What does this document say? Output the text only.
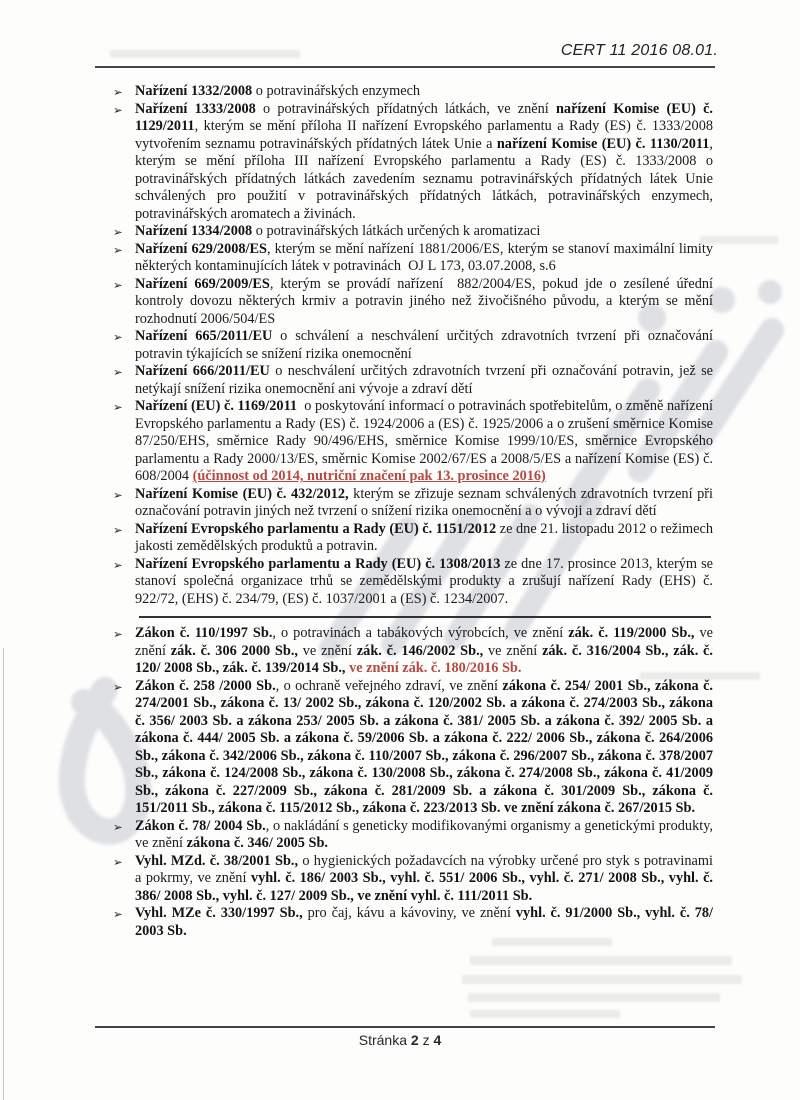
CERT 11 2016 08.01.
➢ Nařízení 1332/2008 o potravinářských enzymech
➢ Nařízení 1333/2008 o potravinářských přídatných látkách, ve znění nařízení Komise (EU) č. 1129/2011, kterým se mění příloha II nařízení Evropského parlamentu a Rady (ES) č. 1333/2008 vytvořením seznamu potravinářských přídatných látek Unie a nařízení Komise (EU) č. 1130/2011, kterým se mění příloha III nařízení Evropského parlamentu a Rady (ES) č. 1333/2008 o potravinářských přídatných látkách zavedením seznamu potravinářských přídatných látek Unie schválených pro použití v potravinářských přídatných látkách, potravinářských enzymech, potravinářských aromatech a živinách.
➢ Nařízení 1334/2008 o potravinářských látkách určených k aromatizaci
➢ Nařízení 629/2008/ES, kterým se mění nařízení 1881/2006/ES, kterým se stanoví maximální limity některých kontaminujících látek v potravinách  OJ L 173, 03.07.2008, s.6
➢ Nařízení 669/2009/ES, kterým se provádí nařízení  882/2004/ES, pokud jde o zesílené úřední kontroly dovozu některých krmiv a potravin jiného než živočišného původu, a kterým se mění rozhodnutí 2006/504/ES
➢ Nařízení 665/2011/EU o schválení a neschválení určitých zdravotních tvrzení při označování potravin týkajících se snížení rizika onemocnění
➢ Nařízení 666/2011/EU o neschválení určitých zdravotních tvrzení při označování potravin, jež se netýkají snížení rizika onemocnění ani vývoje a zdraví dětí
➢ Nařízení (EU) č. 1169/2011  o poskytování informací o potravinách spotřebitelům, o změně nařízení Evropského parlamentu a Rady (ES) č. 1924/2006 a (ES) č. 1925/2006 a o zrušení směrnice Komise 87/250/EHS, směrnice Rady 90/496/EHS, směrnice Komise 1999/10/ES, směrnice Evropského parlamentu a Rady 2000/13/ES, směrnic Komise 2002/67/ES a 2008/5/ES a nařízení Komise (ES) č. 608/2004 (účinnost od 2014, nutriční značení pak 13. prosince 2016)
➢ Nařízení Komise (EU) č. 432/2012, kterým se zřizuje seznam schválených zdravotních tvrzení při označování potravin jiných než tvrzení o snížení rizika onemocnění a o vývoji a zdraví dětí
➢ Nařízení Evropského parlamentu a Rady (EU) č. 1151/2012 ze dne 21. listopadu 2012 o režimech jakosti zemědělských produktů a potravin.
➢ Nařízení Evropského parlamentu a Rady (EU) č. 1308/2013 ze dne 17. prosince 2013, kterým se stanoví společná organizace trhů se zemědělskými produkty a zrušují nařízení Rady (EHS) č. 922/72, (EHS) č. 234/79, (ES) č. 1037/2001 a (ES) č. 1234/2007.
➢ Zákon č. 110/1997 Sb., o potravinách a tabákových výrobcích, ve znění zák. č. 119/2000 Sb., ve znění zák. č. 306 2000 Sb., ve znění zák. č. 146/2002 Sb., ve znění zák. č. 316/2004 Sb., zák. č. 120/ 2008 Sb., zák. č. 139/2014 Sb., ve znění zák. č. 180/2016 Sb.
➢ Zákon č. 258 /2000 Sb., o ochraně veřejného zdraví, ve znění zákona č. 254/ 2001 Sb., zákona č. 274/2001 Sb., zákona č. 13/ 2002 Sb., zákona č. 120/2002 Sb. a zákona č. 274/2003 Sb., zákona č. 356/ 2003 Sb. a zákona 253/ 2005 Sb. a zákona č. 381/ 2005 Sb. a zákona č. 392/ 2005 Sb. a zákona č. 444/ 2005 Sb. a zákona č. 59/2006 Sb. a zákona č. 222/ 2006 Sb., zákona č. 264/2006 Sb., zákona č. 342/2006 Sb., zákona č. 110/2007 Sb., zákona č. 296/2007 Sb., zákona č. 378/2007 Sb., zákona č. 124/2008 Sb., zákona č. 130/2008 Sb., zákona č. 274/2008 Sb., zákona č. 41/2009 Sb., zákona č. 227/2009 Sb., zákona č. 281/2009 Sb. a zákona č. 301/2009 Sb., zákona č. 151/2011 Sb., zákona č. 115/2012 Sb., zákona č. 223/2013 Sb. ve znění zákona č. 267/2015 Sb.
➢ Zákon č. 78/ 2004 Sb., o nakládání s geneticky modifikovanými organismy a genetickými produkty, ve znění zákona č. 346/ 2005 Sb.
➢ Vyhl. MZd. č. 38/2001 Sb., o hygienických požadavcích na výrobky určené pro styk s potravinami a pokrmy, ve znění vyhl. č. 186/ 2003 Sb., vyhl. č. 551/ 2006 Sb., vyhl. č. 271/ 2008 Sb., vyhl. č. 386/ 2008 Sb., vyhl. č. 127/ 2009 Sb., ve znění vyhl. č. 111/2011 Sb.
➢ Vyhl. MZe č. 330/1997 Sb., pro čaj, kávu a kávoviny, ve znění vyhl. č. 91/2000 Sb., vyhl. č. 78/ 2003 Sb.
Stránka 2 z 4
